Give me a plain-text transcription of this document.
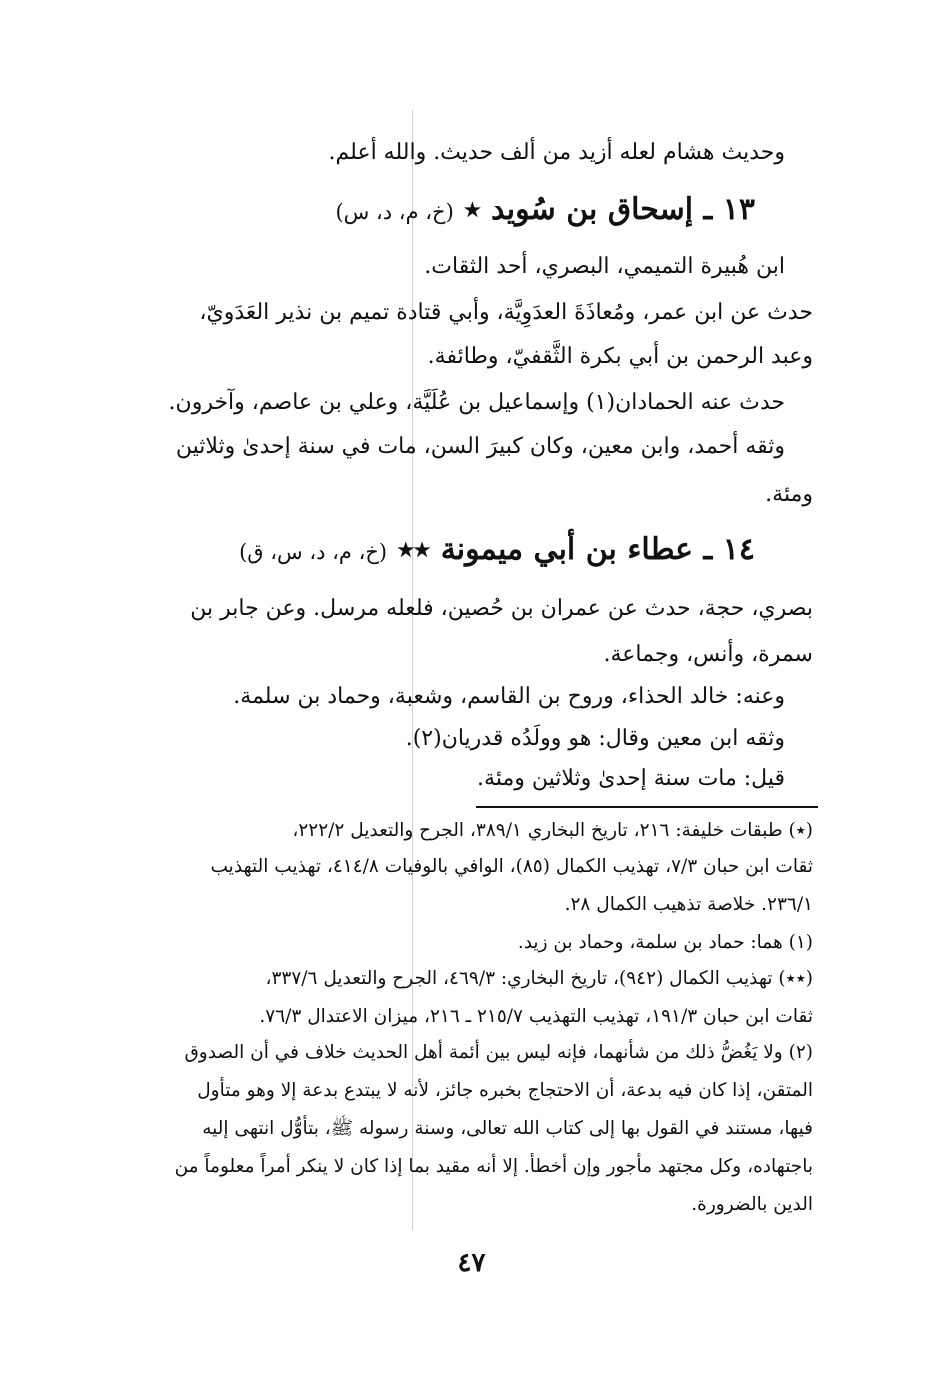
وحديث هشام لعله أزيد من ألف حديث. والله أعلم.
١٣ ـ إسحاق بن سُويد ٭ (خ، م، د، س)
ابن هُبيرة التميمي، البصري، أحد الثقات.
حدث عن ابن عمر، ومُعاذَةَ العدَوِيَّة، وأبي قتادة تميم بن نذير العَدَويّ،
وعبد الرحمن بن أبي بكرة الثَّقفيّ، وطائفة.
حدث عنه الحمادان(١) وإسماعيل بن عُلَيَّة، وعلي بن عاصم، وآخرون.
وثقه أحمد، وابن معين، وكان كبيرَ السن، مات في سنة إحدىٰ وثلاثين
ومئة.
١٤ ـ عطاء بن أبي ميمونة ٭٭ (خ، م، د، س، ق)
بصري، حجة، حدث عن عمران بن حُصين، فلعله مرسل. وعن جابر بن
سمرة، وأنس، وجماعة.
وعنه: خالد الحذاء، وروح بن القاسم، وشعبة، وحماد بن سلمة.
وثقه ابن معين وقال: هو وولَدُه قدريان(٢).
قيل: مات سنة إحدىٰ وثلاثين ومئة.
(٭) طبقات خليفة: ٢١٦، تاريخ البخاري ٣٨٩/١، الجرح والتعديل ٢٢٢/٢،
ثقات ابن حبان ٧/٣، تهذيب الكمال (٨٥)، الوافي بالوفيات ٤١٤/٨، تهذيب التهذيب
٢٣٦/١. خلاصة تذهيب الكمال ٢٨.
(١) هما: حماد بن سلمة، وحماد بن زيد.
(٭٭) تهذيب الكمال (٩٤٢)، تاريخ البخاري: ٤٦٩/٣، الجرح والتعديل ٣٣٧/٦،
ثقات ابن حبان ١٩١/٣، تهذيب التهذيب ٢١٥/٧ ـ ٢١٦، ميزان الاعتدال ٧٦/٣.
(٢) ولا يَغُضُّ ذلك من شأنهما، فإنه ليس بين أئمة أهل الحديث خلاف في أن الصدوق
المتقن، إذا كان فيه بدعة، أن الاحتجاج بخبره جائز، لأنه لا يبتدع بدعة إلا وهو متأول
فيها، مستند في القول بها إلى كتاب الله تعالى، وسنة رسوله ﷺ، بتأوُّل انتهى إليه
باجتهاده، وكل مجتهد مأجور وإن أخطأ. إلا أنه مقيد بما إذا كان لا ينكر أمراً معلوماً من
الدين بالضرورة.
٤٧
